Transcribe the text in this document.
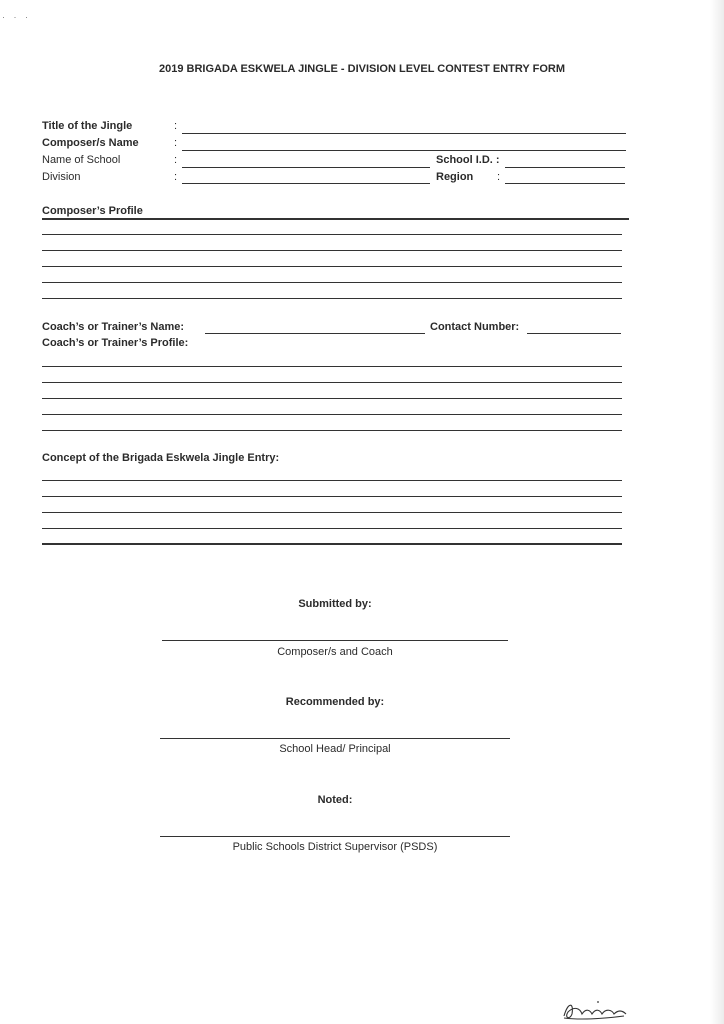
· · ·
2019 BRIGADA ESKWELA JINGLE - DIVISION LEVEL CONTEST ENTRY FORM
Title of the Jingle	:
Composer/s Name	:
Name of School	:	School I.D. :
Division	:	Region :
Composer’s Profile
Coach’s or Trainer’s Name:	Contact Number:
Coach’s or Trainer’s Profile:
Concept of the Brigada Eskwela Jingle Entry:
Submitted by:
Composer/s and Coach
Recommended by:
School Head/ Principal
Noted:
Public Schools District Supervisor (PSDS)
